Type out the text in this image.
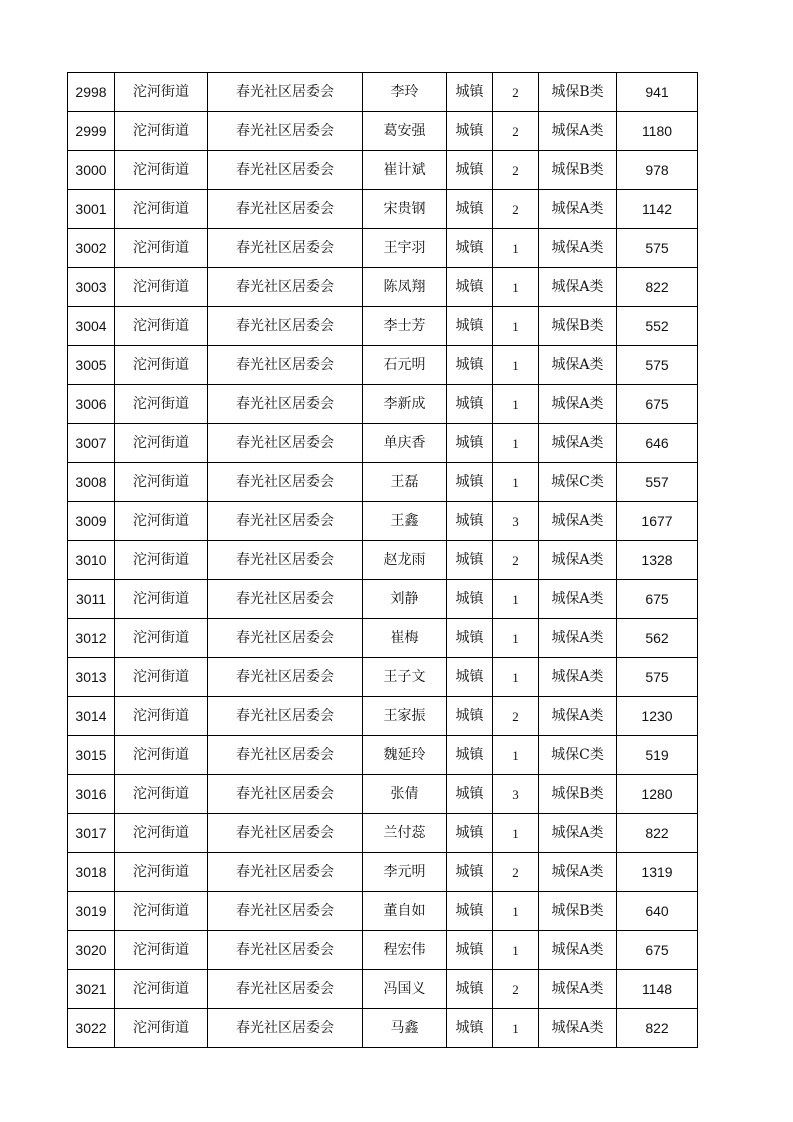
2998	沱河街道	春光社区居委会	李玲	城镇	2	城保B类	941
2999	沱河街道	春光社区居委会	葛安强	城镇	2	城保A类	1180
3000	沱河街道	春光社区居委会	崔计斌	城镇	2	城保B类	978
3001	沱河街道	春光社区居委会	宋贵钢	城镇	2	城保A类	1142
3002	沱河街道	春光社区居委会	王宇羽	城镇	1	城保A类	575
3003	沱河街道	春光社区居委会	陈凤翔	城镇	1	城保A类	822
3004	沱河街道	春光社区居委会	李士芳	城镇	1	城保B类	552
3005	沱河街道	春光社区居委会	石元明	城镇	1	城保A类	575
3006	沱河街道	春光社区居委会	李新成	城镇	1	城保A类	675
3007	沱河街道	春光社区居委会	单庆香	城镇	1	城保A类	646
3008	沱河街道	春光社区居委会	王磊	城镇	1	城保C类	557
3009	沱河街道	春光社区居委会	王鑫	城镇	3	城保A类	1677
3010	沱河街道	春光社区居委会	赵龙雨	城镇	2	城保A类	1328
3011	沱河街道	春光社区居委会	刘静	城镇	1	城保A类	675
3012	沱河街道	春光社区居委会	崔梅	城镇	1	城保A类	562
3013	沱河街道	春光社区居委会	王子文	城镇	1	城保A类	575
3014	沱河街道	春光社区居委会	王家振	城镇	2	城保A类	1230
3015	沱河街道	春光社区居委会	魏延玲	城镇	1	城保C类	519
3016	沱河街道	春光社区居委会	张倩	城镇	3	城保B类	1280
3017	沱河街道	春光社区居委会	兰付蕊	城镇	1	城保A类	822
3018	沱河街道	春光社区居委会	李元明	城镇	2	城保A类	1319
3019	沱河街道	春光社区居委会	董自如	城镇	1	城保B类	640
3020	沱河街道	春光社区居委会	程宏伟	城镇	1	城保A类	675
3021	沱河街道	春光社区居委会	冯国义	城镇	2	城保A类	1148
3022	沱河街道	春光社区居委会	马鑫	城镇	1	城保A类	822
